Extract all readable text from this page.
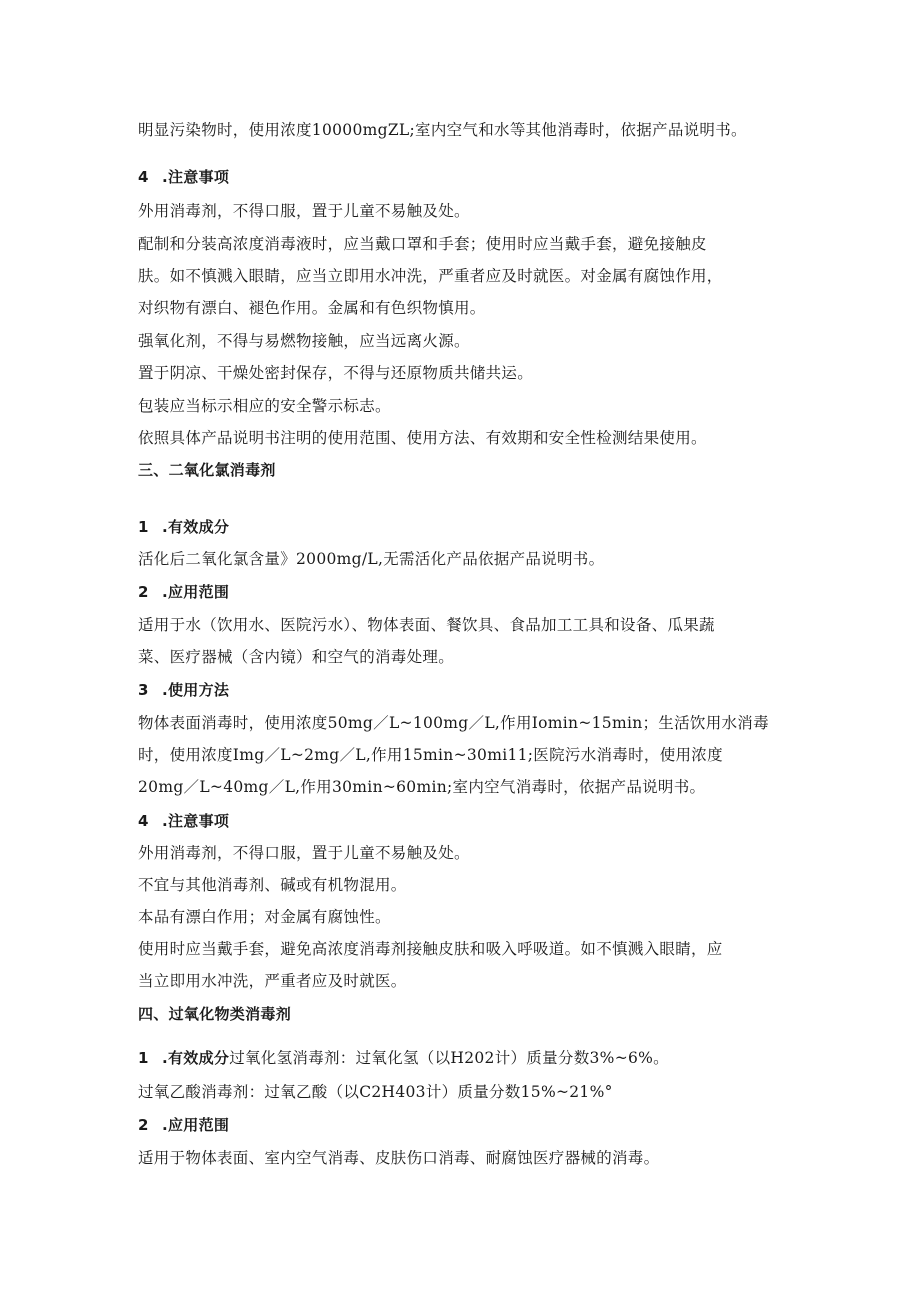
明显污染物时，使用浓度10000mgZL;室内空气和水等其他消毒时，依据产品说明书。
4 .注意事项
外用消毒剂，不得口服，置于儿童不易触及处。
配制和分装高浓度消毒液时，应当戴口罩和手套；使用时应当戴手套，避免接触皮
肤。如不慎溅入眼睛，应当立即用水冲洗，严重者应及时就医。对金属有腐蚀作用，
对织物有漂白、褪色作用。金属和有色织物慎用。
强氧化剂，不得与易燃物接触，应当远离火源。
置于阴凉、干燥处密封保存，不得与还原物质共储共运。
包装应当标示相应的安全警示标志。
依照具体产品说明书注明的使用范围、使用方法、有效期和安全性检测结果使用。
三、二氧化氯消毒剂
1 .有效成分
活化后二氧化氯含量》2000mg/L,无需活化产品依据产品说明书。
2 .应用范围
适用于水（饮用水、医院污水）、物体表面、餐饮具、食品加工工具和设备、瓜果蔬
菜、医疗器械（含内镜）和空气的消毒处理。
3 .使用方法
物体表面消毒时，使用浓度50mg／L~100mg／L,作用Iomin~15min；生活饮用水消毒
时，使用浓度Img／L~2mg／L,作用15min~30mi11;医院污水消毒时，使用浓度
20mg／L~40mg／L,作用30min~60min;室内空气消毒时，依据产品说明书。
4 .注意事项
外用消毒剂，不得口服，置于儿童不易触及处。
不宜与其他消毒剂、碱或有机物混用。
本品有漂白作用；对金属有腐蚀性。
使用时应当戴手套，避免高浓度消毒剂接触皮肤和吸入呼吸道。如不慎溅入眼睛，应
当立即用水冲洗，严重者应及时就医。
四、过氧化物类消毒剂
1 .有效成分过氧化氢消毒剂：过氧化氢（以H202计）质量分数3%~6%。
过氧乙酸消毒剂：过氧乙酸（以C2H403计）质量分数15%~21%°
2 .应用范围
适用于物体表面、室内空气消毒、皮肤伤口消毒、耐腐蚀医疗器械的消毒。
